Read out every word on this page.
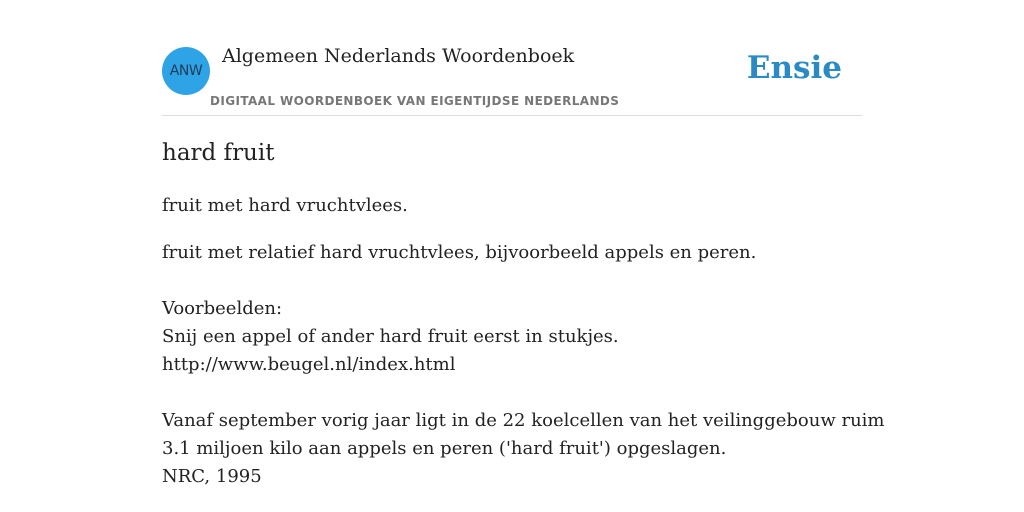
ANW
Algemeen Nederlands Woordenboek
DIGITAAL WOORDENBOEK VAN EIGENTIJDSE NEDERLANDS
Ensie
hard fruit
fruit met hard vruchtvlees.
fruit met relatief hard vruchtvlees, bijvoorbeeld appels en peren.
Voorbeelden:
Snij een appel of ander hard fruit eerst in stukjes.
http://www.beugel.nl/index.html
Vanaf september vorig jaar ligt in de 22 koelcellen van het veilinggebouw ruim
3.1 miljoen kilo aan appels en peren ('hard fruit') opgeslagen.
NRC, 1995
